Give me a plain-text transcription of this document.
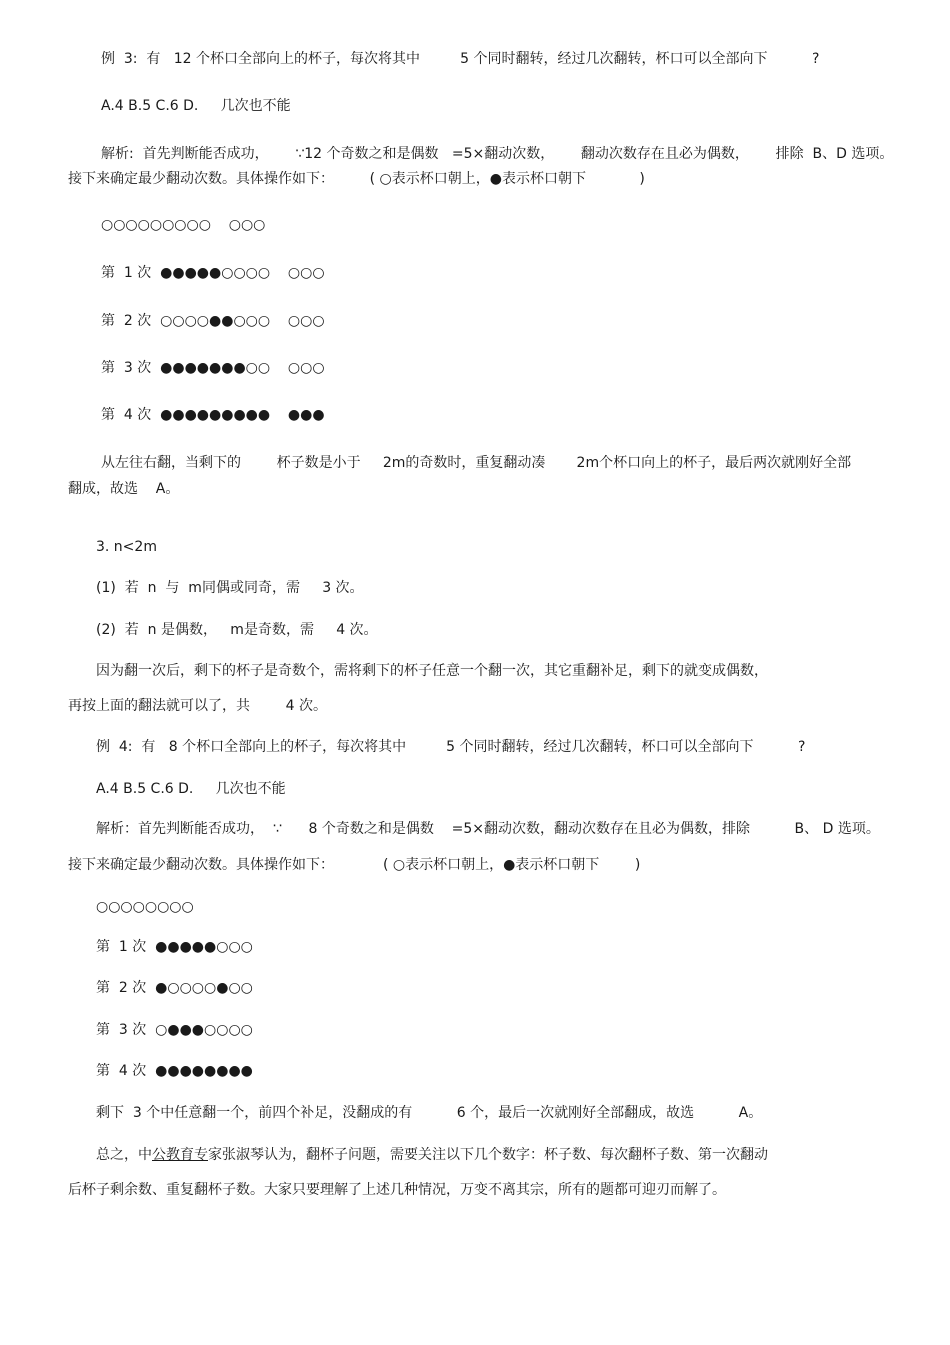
例  3:  有   12 个杯口全部向上的杯子，每次将其中         5 个同时翻转，经过几次翻转，杯口可以全部向下          ?
A.4 B.5 C.6 D.     几次也不能
解析:  首先判断能否成功，      ∵12 个奇数之和是偶数   =5×翻动次数，      翻动次数存在且必为偶数，      排除  B、D 选项。
接下来确定最少翻动次数。具体操作如下：        ( ○表示杯口朝上，●表示杯口朝下            )
○○○○○○○○○    ○○○
第  1 次  ●●●●●○○○○    ○○○
第  2 次  ○○○○●●○○○    ○○○
第  3 次  ●●●●●●●○○    ○○○
第  4 次  ●●●●●●●●●    ●●●
从左往右翻，当剩下的        杯子数是小于     2m的奇数时，重复翻动凑       2m个杯口向上的杯子，最后两次就刚好全部
翻成，故选    A。
3. n<2m
(1)  若  n  与  m同偶或同奇，需     3 次。
(2)  若  n 是偶数，   m是奇数，需     4 次。
因为翻一次后，剩下的杯子是奇数个，需将剩下的杯子任意一个翻一次，其它重翻补足，剩下的就变成偶数，
再按上面的翻法就可以了，共        4 次。
例  4:  有   8 个杯口全部向上的杯子，每次将其中         5 个同时翻转，经过几次翻转，杯口可以全部向下          ?
A.4 B.5 C.6 D.     几次也不能
解析：首先判断能否成功，  ∵      8 个奇数之和是偶数    =5×翻动次数，翻动次数存在且必为偶数，排除          B、 D 选项。
接下来确定最少翻动次数。具体操作如下：           ( ○表示杯口朝上，●表示杯口朝下        )
○○○○○○○○
第  1 次  ●●●●●○○○
第  2 次  ●○○○○●○○
第  3 次  ○●●●○○○○
第  4 次  ●●●●●●●●
剩下  3 个中任意翻一个，前四个补足，没翻成的有          6 个，最后一次就刚好全部翻成，故选          A。
总之，中公教育专家张淑琴认为，翻杯子问题，需要关注以下几个数字：杯子数、每次翻杯子数、第一次翻动
后杯子剩余数、重复翻杯子数。大家只要理解了上述几种情况，万变不离其宗，所有的题都可迎刃而解了。
